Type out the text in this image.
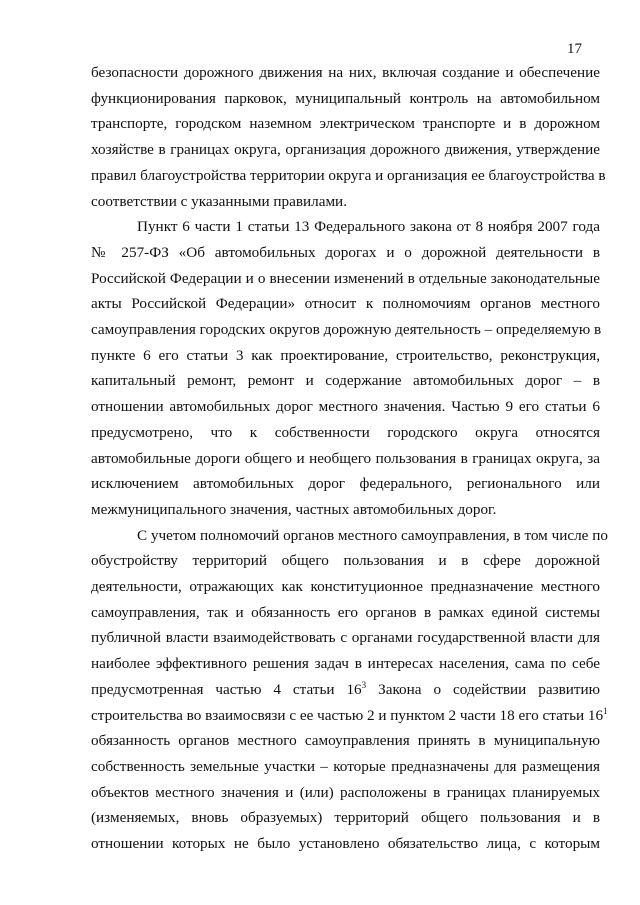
17

безопасности дорожного движения на них, включая создание и обеспечение
функционирования парковок, муниципальный контроль на автомобильном
транспорте, городском наземном электрическом транспорте и в дорожном
хозяйстве в границах округа, организация дорожного движения, утверждение
правил благоустройства территории округа и организация ее благоустройства в
соответствии с указанными правилами.

Пункт 6 части 1 статьи 13 Федерального закона от 8 ноября 2007 года
№ 257-ФЗ «Об автомобильных дорогах и о дорожной деятельности в
Российской Федерации и о внесении изменений в отдельные законодательные
акты Российской Федерации» относит к полномочиям органов местного
самоуправления городских округов дорожную деятельность – определяемую в
пункте 6 его статьи 3 как проектирование, строительство, реконструкция,
капитальный ремонт, ремонт и содержание автомобильных дорог – в
отношении автомобильных дорог местного значения. Частью 9 его статьи 6
предусмотрено, что к собственности городского округа относятся
автомобильные дороги общего и необщего пользования в границах округа, за
исключением автомобильных дорог федерального, регионального или
межмуниципального значения, частных автомобильных дорог.

С учетом полномочий органов местного самоуправления, в том числе по
обустройству территорий общего пользования и в сфере дорожной
деятельности, отражающих как конституционное предназначение местного
самоуправления, так и обязанность его органов в рамках единой системы
публичной власти взаимодействовать с органами государственной власти для
наиболее эффективного решения задач в интересах населения, сама по себе
предусмотренная частью 4 статьи $16^3$ Закона о содействии развитию
строительства во взаимосвязи с ее частью 2 и пунктом 2 части 18 его статьи $16^1$
обязанность органов местного самоуправления принять в муниципальную
собственность земельные участки – которые предназначены для размещения
объектов местного значения и (или) расположены в границах планируемых
(изменяемых, вновь образуемых) территорий общего пользования и в
отношении которых не было установлено обязательство лица, с которым
